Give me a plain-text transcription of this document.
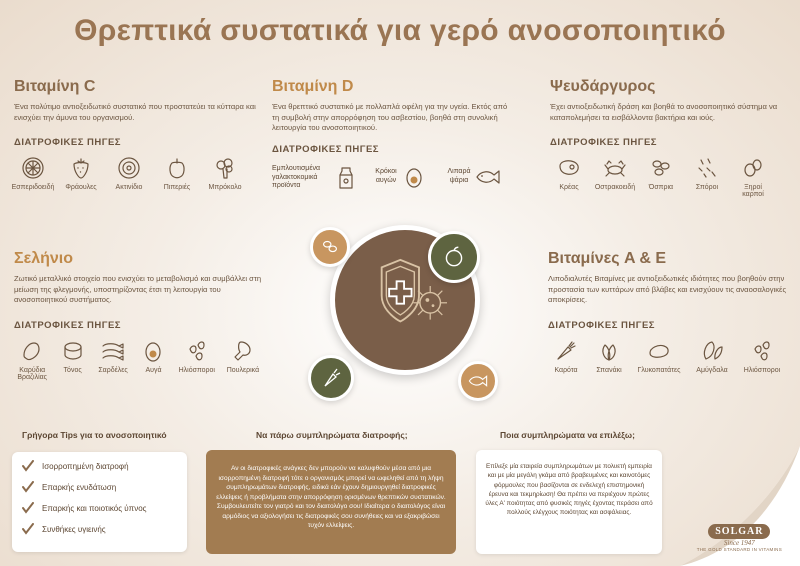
Θρεπτικά συστατικά για γερό ανοσοποιητικό
Βιταμίνη C
Ένα πολύτιμο αντιοξειδωτικό συστατικό που προστατεύει τα κύτταρα και ενισχύει την άμυνα του οργανισμού.
ΔΙΑΤΡΟΦΙΚΕΣ ΠΗΓΕΣ
Εσπεριδοειδή Φράουλες	Ακτινίδιο	Πιπεριές	Μπρόκολο
Βιταμίνη D
Ένα θρεπτικό συστατικό με πολλαπλά οφέλη για την υγεία. Εκτός από τη συμβολή στην απορρόφηση του ασβεστίου, βοηθά στη συνολική λειτουργία του ανοσοποιητικού.
ΔΙΑΤΡΟΦΙΚΕΣ ΠΗΓΕΣ
Εμπλουτισμένα γαλακτοκομικά προϊόντα
Κρόκοι αυγών
Λιπαρά ψάρια
Ψευδάργυρος
Έχει αντιοξειδωτική δράση και βοηθά το ανοσοποιητικό σύστημα να καταπολεμήσει τα εισβάλλοντα βακτήρια και ιούς.
ΔΙΑΤΡΟΦΙΚΕΣ ΠΗΓΕΣ
Κρέας Οστρακοειδή Όσπρια	Σπόροι	Ξηροί καρποί
Σελήνιο
Ζωτικό μεταλλικό στοιχείο που ενισχύει το μεταβολισμό και συμβάλλει στη μείωση της φλεγμονής, υποστηρίζοντας έτσι τη λειτουργία του ανοσοποιητικού συστήματος.
ΔΙΑΤΡΟΦΙΚΕΣ ΠΗΓΕΣ
Καρύδια Βραζιλίας
Τόνος Σαρδέλες	Αυγά Ηλιόσποροι Πουλερικά
Βιταμίνες A & E
Λιποδιαλυτές Βιταμίνες με αντιοξειδωτικές ιδιότητες που βοηθούν στην προστασία των κυττάρων από βλάβες και ενισχύουν τις αναοσαλογικές αποκρίσεις.
ΔΙΑΤΡΟΦΙΚΕΣ ΠΗΓΕΣ
Καρότα	Σπανάκι Γλυκοπατάτες Αμύγδαλα Ηλιόσποροι
Γρήγορα Tips για το ανοσοποιητικό
Ισορροπημένη διατροφή
Επαρκής ενυδάτωση
Επαρκής και ποιοτικός ύπνος
Συνθήκες υγιεινής
Να πάρω συμπληρώματα διατροφής;
Αν οι διατροφικές ανάγκες δεν μπορούν να καλυφθούν μέσα από μια ισορροπημένη διατροφή τότε ο οργανισμός μπορεί να ωφεληθεί από τη λήψη συμπληρωμάτων διατροφής, ειδικά εάν έχουν δημιουργηθεί διατροφικές ελλείψεις ή προβλήματα στην απορρόφηση ορισμένων θρεπτικών συστατικών. Συμβουλευτείτε τον γιατρό και τον διαιτολόγο σου! Ιδιαίτερα ο διαιτολόγος είναι αρμόδιος να αξιολογήσει τις διατροφικές σου συνήθειες και να εξακριβώσει τυχόν ελλείψεις.
Ποια συμπληρώματα να επιλέξω;
Επίλεξε μία εταιρεία συμπληρωμάτων με πολυετή εμπειρία και με μία μεγάλη γκάμα από βραβευμένες και καινοτόμες φόρμουλες που βασίζονται σε ενδελεχή επιστημονική έρευνα και τεκμηρίωση! Θα πρέπει να περιέχουν πρώτες ύλες Α' ποιότητας από φυσικές πηγές έχοντας περάσει από πολλούς ελέγχους ποιότητας και ασφάλειας.
SOLGAR
Since 1947
THE GOLD STANDARD IN VITAMINS
